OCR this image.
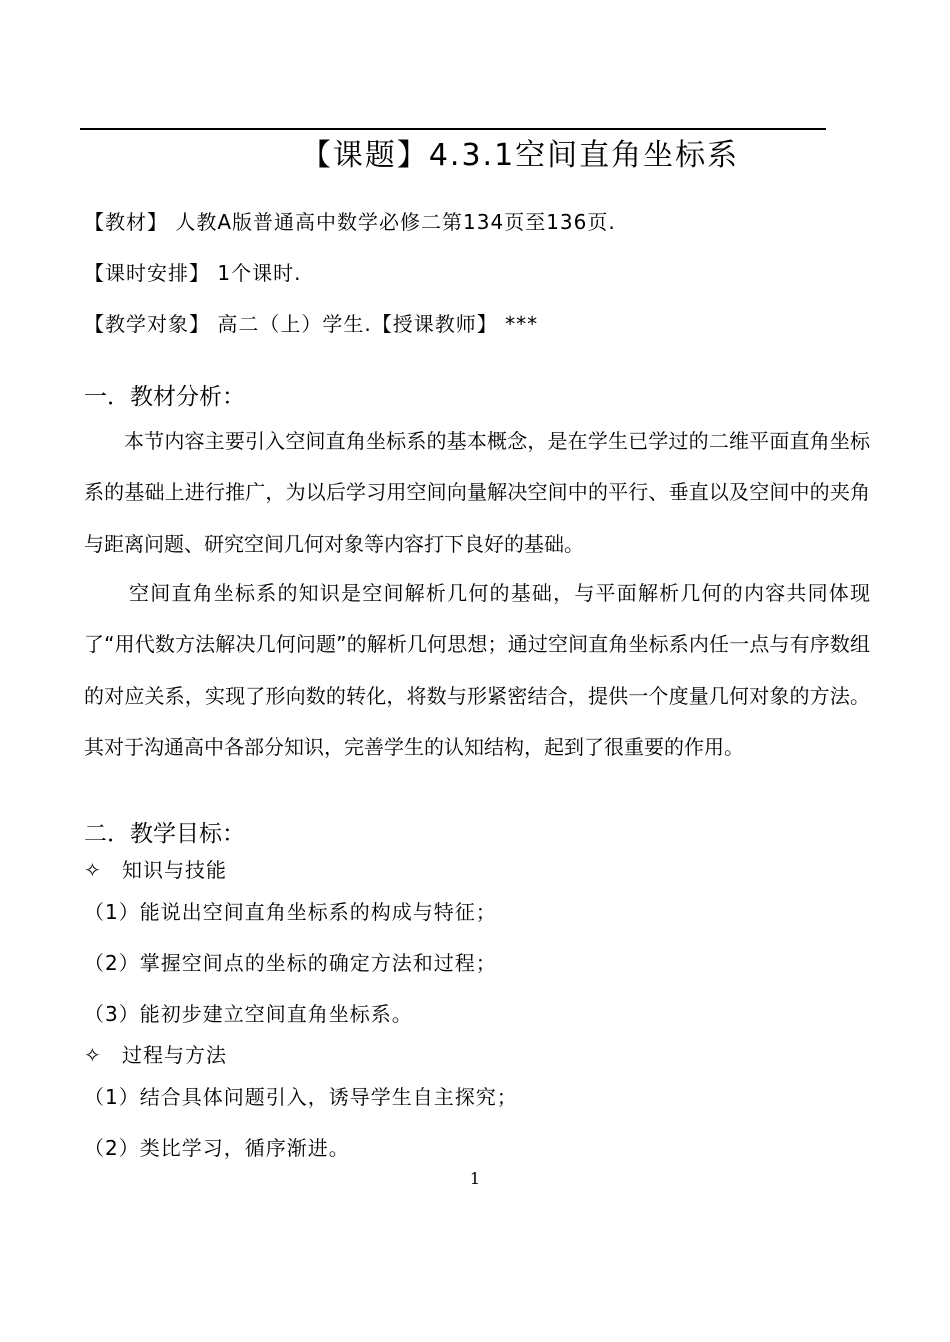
【课题】4.3.1空间直角坐标系
【教材】 人教A版普通高中数学必修二第134页至136页.
【课时安排】 1个课时.
【教学对象】 高二（上）学生.【授课教师】 ***
一．教材分析：
本节内容主要引入空间直角坐标系的基本概念，是在学生已学过的二维平面直角坐标系的基础上进行推广，为以后学习用空间向量解决空间中的平行、垂直以及空间中的夹角与距离问题、研究空间几何对象等内容打下良好的基础。
空间直角坐标系的知识是空间解析几何的基础，与平面解析几何的内容共同体现了“用代数方法解决几何问题”的解析几何思想；通过空间直角坐标系内任一点与有序数组的对应关系，实现了形向数的转化，将数与形紧密结合，提供一个度量几何对象的方法。其对于沟通高中各部分知识，完善学生的认知结构，起到了很重要的作用。
二．教学目标：
✧ 知识与技能
（1）能说出空间直角坐标系的构成与特征；
（2）掌握空间点的坐标的确定方法和过程；
（3）能初步建立空间直角坐标系。
✧ 过程与方法
（1）结合具体问题引入，诱导学生自主探究；
（2）类比学习，循序渐进。
1
